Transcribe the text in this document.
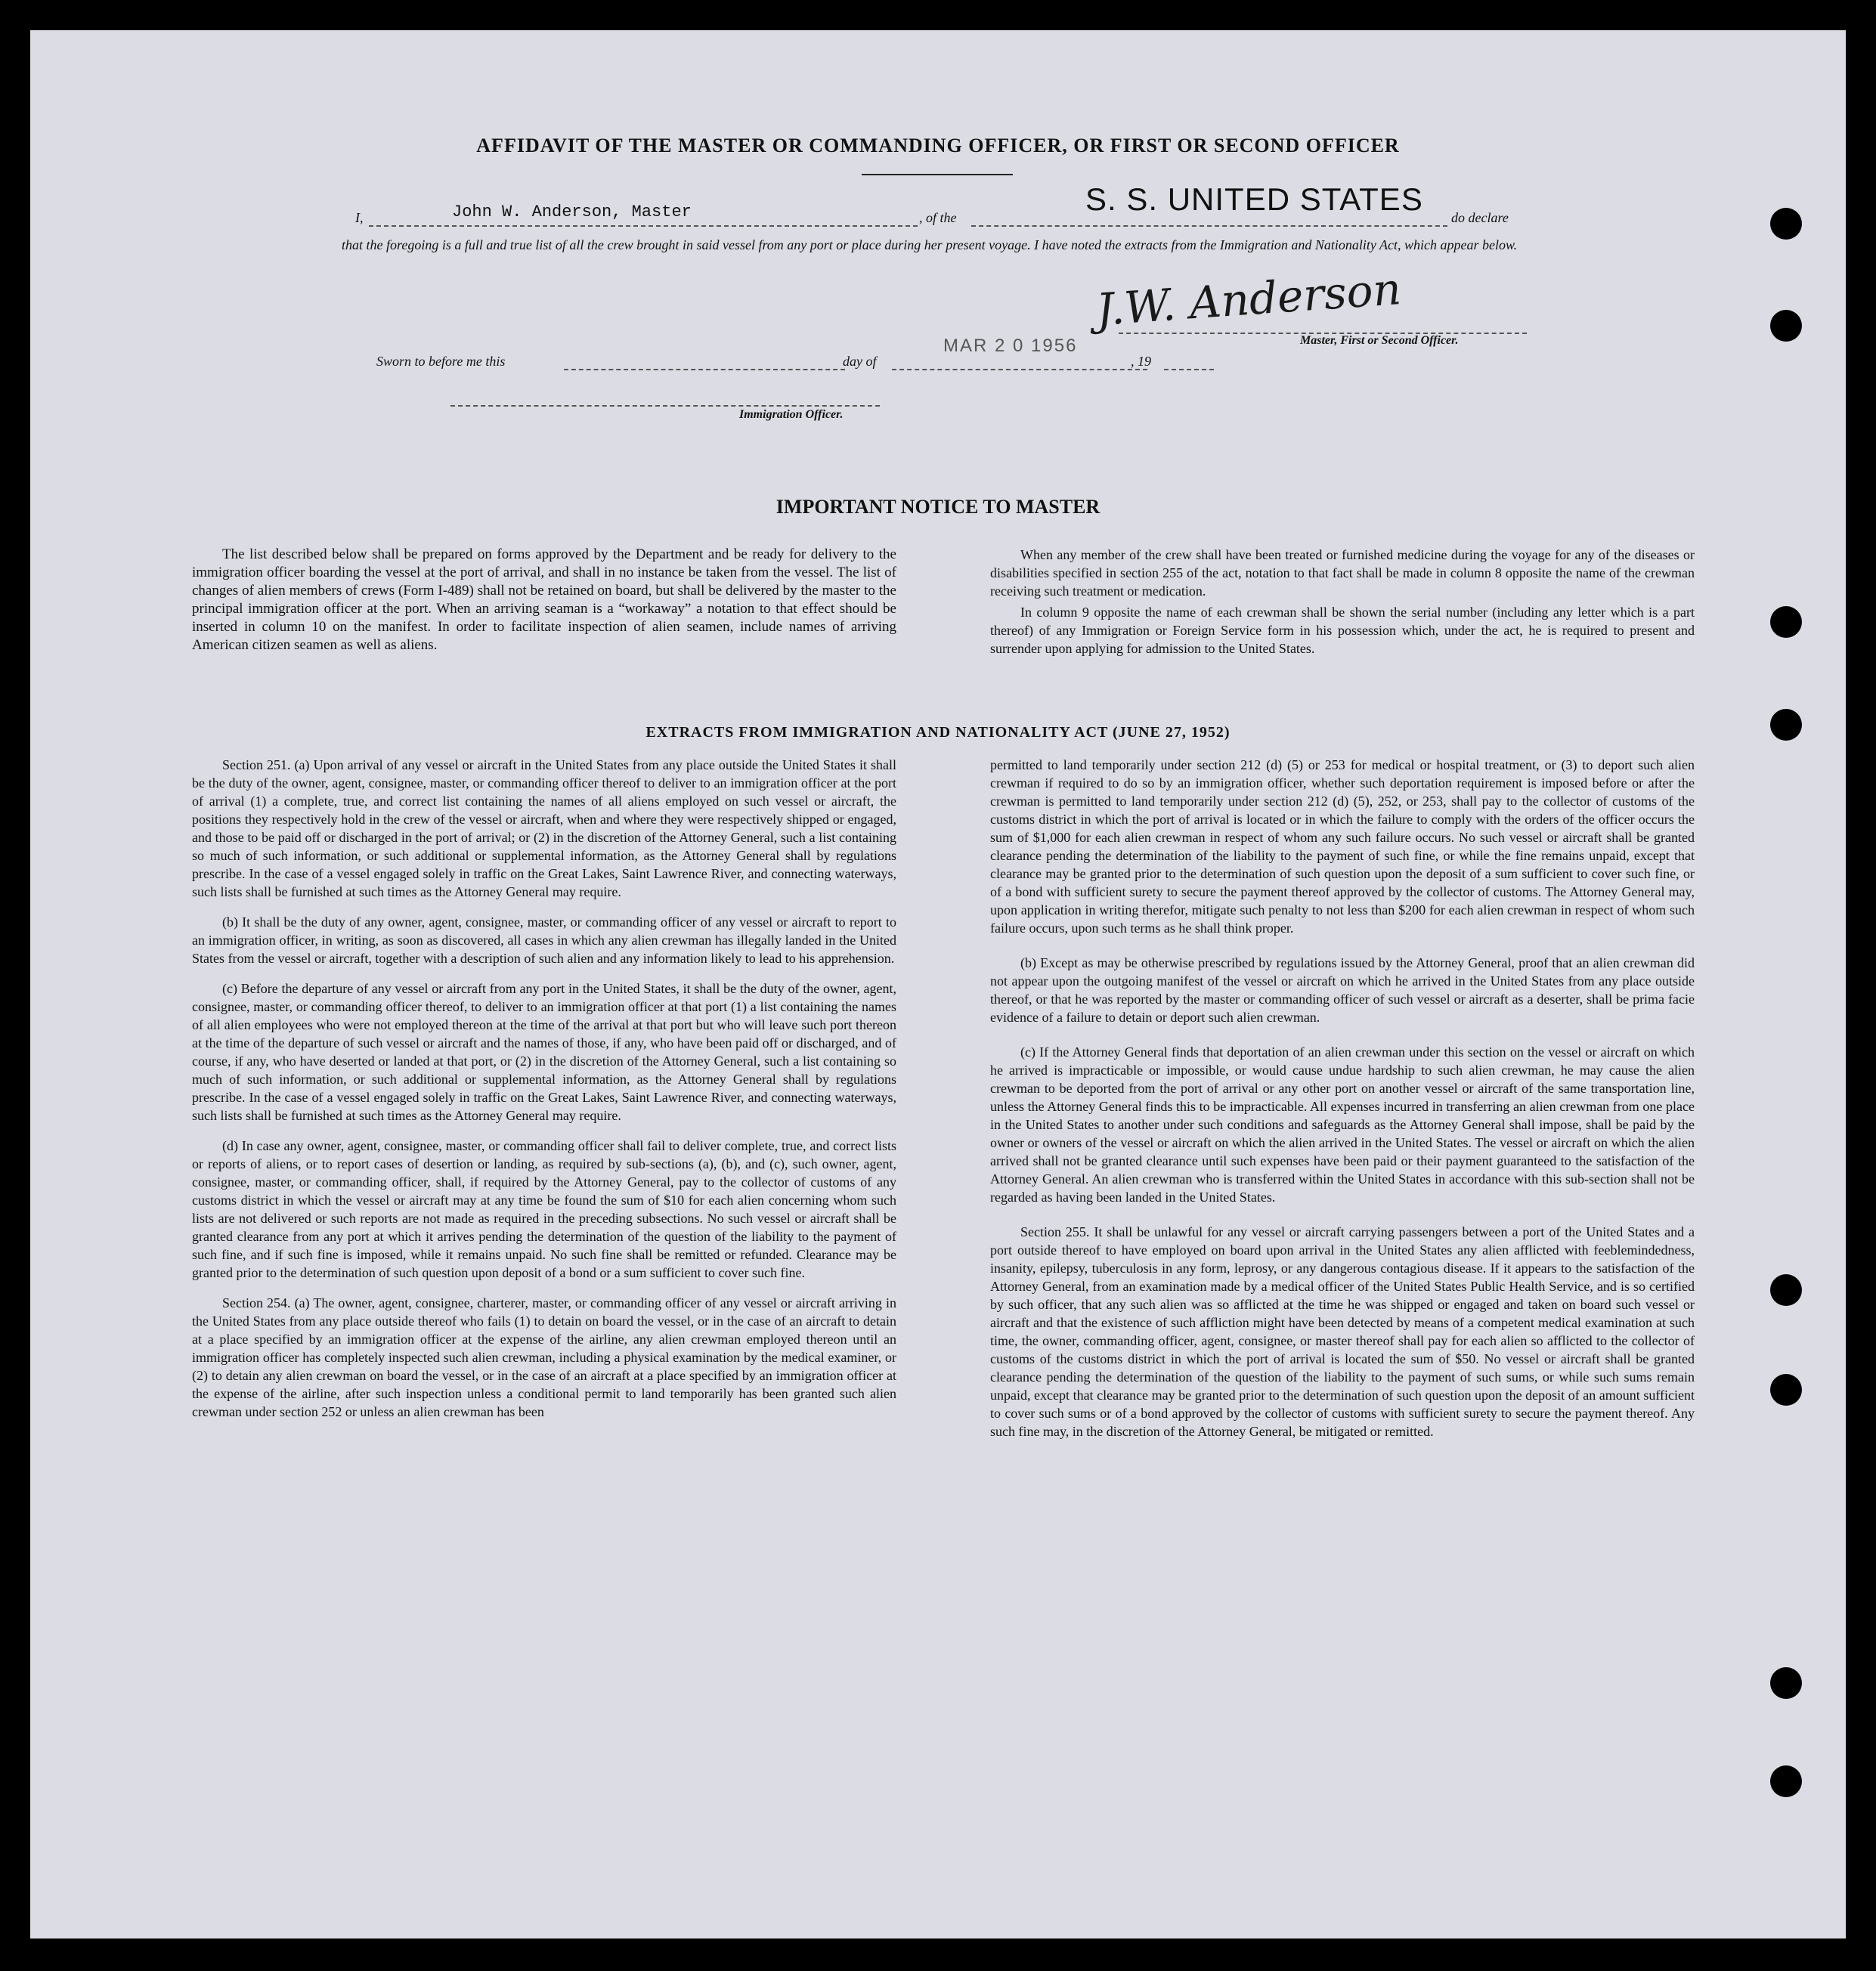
AFFIDAVIT OF THE MASTER OR COMMANDING OFFICER, OR FIRST OR SECOND OFFICER
I,	John W. Anderson, Master	, of the
S. S. UNITED STATES
do declare
that the foregoing is a full and true list of all the crew brought in said vessel from any port or place during her present voyage. I have noted the extracts from the Immigration and Nationality Act, which appear below.
J.W. Anderson
Master, First or Second Officer.
Sworn to before me this	day of
MAR 2 0 1956
, 19
Immigration Officer.
IMPORTANT NOTICE TO MASTER

The list described below shall be prepared on forms approved by the Department and be ready for delivery to the immigration officer boarding the vessel at the port of arrival, and shall in no instance be taken from the vessel. The list of changes of alien members of crews (Form I-489) shall not be retained on board, but shall be delivered by the master to the principal immigration officer at the port. When an arriving seaman is a “workaway” a notation to that effect should be inserted in column 10 on the manifest. In order to facilitate inspection of alien seamen, include names of arriving American citizen seamen as well as aliens.

When any member of the crew shall have been treated or furnished medicine during the voyage for any of the diseases or disabilities specified in section 255 of the act, notation to that fact shall be made in column 8 opposite the name of the crewman receiving such treatment or medication.

In column 9 opposite the name of each crewman shall be shown the serial number (including any letter which is a part thereof) of any Immigration or Foreign Service form in his possession which, under the act, he is required to present and surrender upon applying for admission to the United States.

EXTRACTS FROM IMMIGRATION AND NATIONALITY ACT (JUNE 27, 1952)

Section 251. (a) Upon arrival of any vessel or aircraft in the United States from any place outside the United States it shall be the duty of the owner, agent, consignee, master, or commanding officer thereof to deliver to an immigration officer at the port of arrival (1) a complete, true, and correct list containing the names of all aliens employed on such vessel or aircraft, the positions they respectively hold in the crew of the vessel or aircraft, when and where they were respectively shipped or engaged, and those to be paid off or discharged in the port of arrival; or (2) in the discretion of the Attorney General, such a list containing so much of such information, or such additional or supplemental information, as the Attorney General shall by regulations prescribe. In the case of a vessel engaged solely in traffic on the Great Lakes, Saint Lawrence River, and connecting waterways, such lists shall be furnished at such times as the Attorney General may require.

(b) It shall be the duty of any owner, agent, consignee, master, or commanding officer of any vessel or aircraft to report to an immigration officer, in writing, as soon as discovered, all cases in which any alien crewman has illegally landed in the United States from the vessel or aircraft, together with a description of such alien and any information likely to lead to his apprehension.

(c) Before the departure of any vessel or aircraft from any port in the United States, it shall be the duty of the owner, agent, consignee, master, or commanding officer thereof, to deliver to an immigration officer at that port (1) a list containing the names of all alien employees who were not employed thereon at the time of the arrival at that port but who will leave such port thereon at the time of the departure of such vessel or aircraft and the names of those, if any, who have been paid off or discharged, and of course, if any, who have deserted or landed at that port, or (2) in the discretion of the Attorney General, such a list containing so much of such information, or such additional or supplemental information, as the Attorney General shall by regulations prescribe. In the case of a vessel engaged solely in traffic on the Great Lakes, Saint Lawrence River, and connecting waterways, such lists shall be furnished at such times as the Attorney General may require.

(d) In case any owner, agent, consignee, master, or commanding officer shall fail to deliver complete, true, and correct lists or reports of aliens, or to report cases of desertion or landing, as required by sub-sections (a), (b), and (c), such owner, agent, consignee, master, or commanding officer, shall, if required by the Attorney General, pay to the collector of customs of any customs district in which the vessel or aircraft may at any time be found the sum of $10 for each alien concerning whom such lists are not delivered or such reports are not made as required in the preceding subsections. No such vessel or aircraft shall be granted clearance from any port at which it arrives pending the determination of the question of the liability to the payment of such fine, and if such fine is imposed, while it remains unpaid. No such fine shall be remitted or refunded. Clearance may be granted prior to the determination of such question upon deposit of a bond or a sum sufficient to cover such fine.

Section 254. (a) The owner, agent, consignee, charterer, master, or commanding officer of any vessel or aircraft arriving in the United States from any place outside thereof who fails (1) to detain on board the vessel, or in the case of an aircraft to detain at a place specified by an immigration officer at the expense of the airline, any alien crewman employed thereon until an immigration officer has completely inspected such alien crewman, including a physical examination by the medical examiner, or (2) to detain any alien crewman on board the vessel, or in the case of an aircraft at a place specified by an immigration officer at the expense of the airline, after such inspection unless a conditional permit to land temporarily has been granted such alien crewman under section 252 or unless an alien crewman has been

permitted to land temporarily under section 212 (d) (5) or 253 for medical or hospital treatment, or (3) to deport such alien crewman if required to do so by an immigration officer, whether such deportation requirement is imposed before or after the crewman is permitted to land temporarily under section 212 (d) (5), 252, or 253, shall pay to the collector of customs of the customs district in which the port of arrival is located or in which the failure to comply with the orders of the officer occurs the sum of $1,000 for each alien crewman in respect of whom any such failure occurs. No such vessel or aircraft shall be granted clearance pending the determination of the liability to the payment of such fine, or while the fine remains unpaid, except that clearance may be granted prior to the determination of such question upon the deposit of a sum sufficient to cover such fine, or of a bond with sufficient surety to secure the payment thereof approved by the collector of customs. The Attorney General may, upon application in writing therefor, mitigate such penalty to not less than $200 for each alien crewman in respect of whom such failure occurs, upon such terms as he shall think proper.

(b) Except as may be otherwise prescribed by regulations issued by the Attorney General, proof that an alien crewman did not appear upon the outgoing manifest of the vessel or aircraft on which he arrived in the United States from any place outside thereof, or that he was reported by the master or commanding officer of such vessel or aircraft as a deserter, shall be prima facie evidence of a failure to detain or deport such alien crewman.

(c) If the Attorney General finds that deportation of an alien crewman under this section on the vessel or aircraft on which he arrived is impracticable or impossible, or would cause undue hardship to such alien crewman, he may cause the alien crewman to be deported from the port of arrival or any other port on another vessel or aircraft of the same transportation line, unless the Attorney General finds this to be impracticable. All expenses incurred in transferring an alien crewman from one place in the United States to another under such conditions and safeguards as the Attorney General shall impose, shall be paid by the owner or owners of the vessel or aircraft on which the alien arrived in the United States. The vessel or aircraft on which the alien arrived shall not be granted clearance until such expenses have been paid or their payment guaranteed to the satisfaction of the Attorney General. An alien crewman who is transferred within the United States in accordance with this sub-section shall not be regarded as having been landed in the United States.

Section 255. It shall be unlawful for any vessel or aircraft carrying passengers between a port of the United States and a port outside thereof to have employed on board upon arrival in the United States any alien afflicted with feeblemindedness, insanity, epilepsy, tuberculosis in any form, leprosy, or any dangerous contagious disease. If it appears to the satisfaction of the Attorney General, from an examination made by a medical officer of the United States Public Health Service, and is so certified by such officer, that any such alien was so afflicted at the time he was shipped or engaged and taken on board such vessel or aircraft and that the existence of such affliction might have been detected by means of a competent medical examination at such time, the owner, commanding officer, agent, consignee, or master thereof shall pay for each alien so afflicted to the collector of customs of the customs district in which the port of arrival is located the sum of $50. No vessel or aircraft shall be granted clearance pending the determination of the question of the liability to the payment of such sums, or while such sums remain unpaid, except that clearance may be granted prior to the determination of such question upon the deposit of an amount sufficient to cover such sums or of a bond approved by the collector of customs with sufficient surety to secure the payment thereof. Any such fine may, in the discretion of the Attorney General, be mitigated or remitted.
